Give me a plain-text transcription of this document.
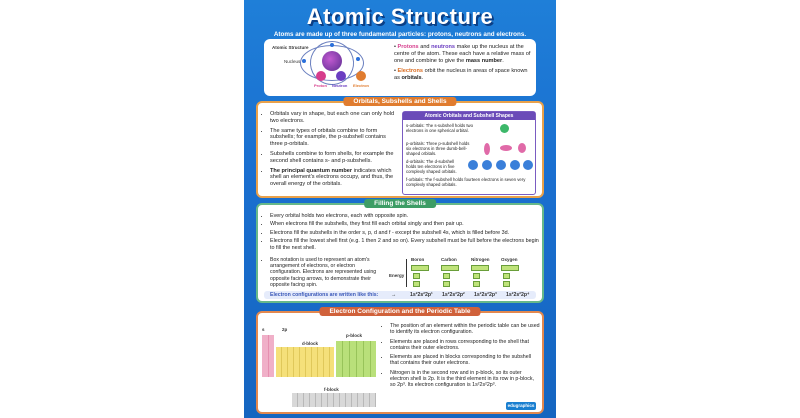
Atomic Structure
Atoms are made up of three fundamental particles: protons, neutrons and electrons.
Atomic Structure
Nucleus
Proton Neutron Electron
• Protons and neutrons make up the nucleus at the centre of the atom. These each have a relative mass of one and combine to give the mass number.
• Electrons orbit the nucleus in areas of space known as orbitals.
Orbitals, Subshells and Shells
• Orbitals vary in shape, but each one can only hold two electrons.
• The same types of orbitals combine to form subshells; for example, the p-subshell contains three p-orbitals.
• Subshells combine to form shells, for example the second shell contains s- and p-subshells.
• The principal quantum number indicates which shell an element's electrons occupy, and thus, the overall energy of the orbitals.
Atomic Orbitals and Subshell Shapes
s-orbitals: The s-subshell holds two electrons in one spherical orbital.
p-orbitals: Three p-subshell holds six electrons in three dumb-bell-shaped orbitals.
d-orbitals: The d-subshell holds ten electrons in five complexly shaped orbitals.
f-orbitals: The f-subshell holds fourteen electrons in seven very complexly shaped orbitals.
Filling the Shells
• Every orbital holds two electrons, each with opposite spin.
• When electrons fill the subshells, they first fill each orbital singly and then pair up.
• Electrons fill the subshells in the order s, p, d and f - except the subshell 4s, which is filled before 3d.
• Electrons fill the lowest shell first (e.g. 1 then 2 and so on). Every subshell must be full before the electrons begin to fill the next shell.
• Box notation is used to represent an atom's arrangement of electrons, or electron configuration. Electrons are represented using opposite facing arrows, to demonstrate their opposite facing spin.
Energy
Boron	Carbon	Nitrogen	Oxygen
Electron configurations are written like this: →	1s²2s²2p¹ 1s²2s²2p² 1s²2s²2p³ 1s²2s²2p⁴
Electron Configuration and the Periodic Table
s	2p
d-block
p-block
f-block
• The position of an element within the periodic table can be used to identify its electron configuration.
• Elements are placed in rows corresponding to the shell that contains their outer electrons.
• Elements are placed in blocks corresponding to the subshell that contains their outer electrons.
• Nitrogen is in the second row and in p-block, so its outer electron shell is 2p. It is the third element in its row in p-block, so 2p³. Its electron configuration is 1s²2s²2p³.
edugraphics
